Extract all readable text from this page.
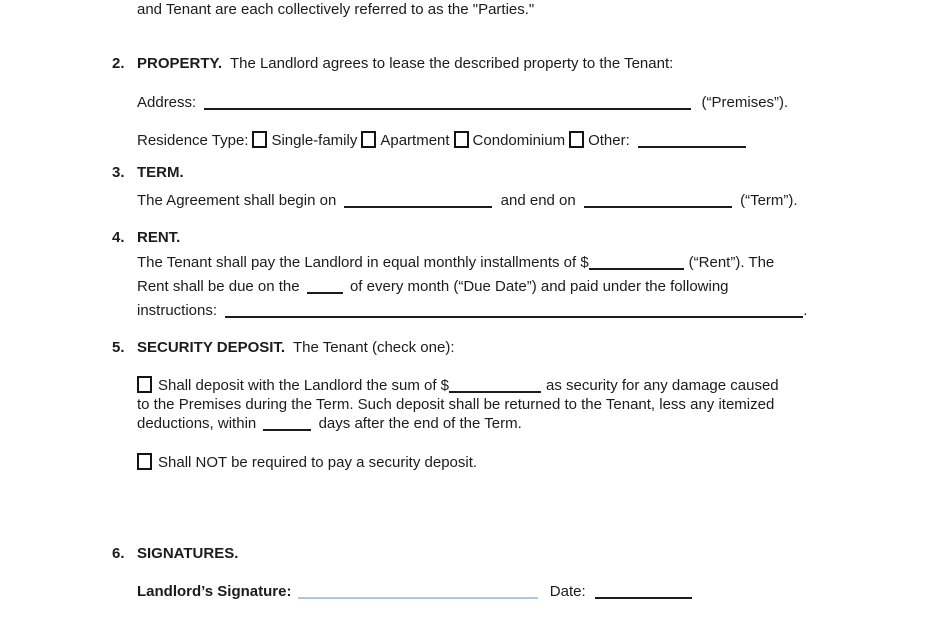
and Tenant are each collectively referred to as the "Parties."
2. PROPERTY. The Landlord agrees to lease the described property to the Tenant:
Address:	(“Premises”).
Residence Type: Single-family Apartment Condominium Other:
3. TERM.
The Agreement shall begin on	and end on	(“Term”).
4. RENT.
The Tenant shall pay the Landlord in equal monthly installments of $	(“Rent”). The
Rent shall be due on the	of every month (“Due Date”) and paid under the following
instructions:	.
5. SECURITY DEPOSIT. The Tenant (check one):
Shall deposit with the Landlord the sum of $	as security for any damage caused
to the Premises during the Term. Such deposit shall be returned to the Tenant, less any itemized
deductions, within	days after the end of the Term.
Shall NOT be required to pay a security deposit.
6. SIGNATURES.
Landlord’s Signature:	Date:
